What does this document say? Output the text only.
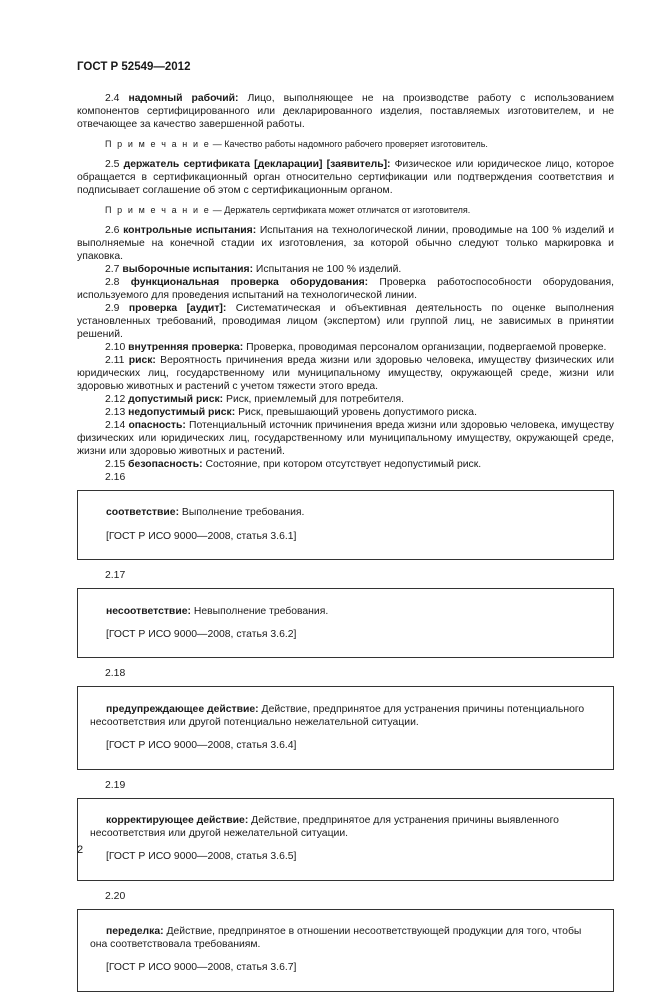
ГОСТ Р 52549—2012

2.4 надомный рабочий: Лицо, выполняющее не на производстве работу с использованием компонентов сертифицированного или декларированного изделия, поставляемых изготовителем, и не отвечающее за качество завершенной работы.

П р и м е ч а н и е — Качество работы надомного рабочего проверяет изготовитель.

2.5 держатель сертификата [декларации] [заявитель]: Физическое или юридическое лицо, которое обращается в сертификационный орган относительно сертификации или подтверждения соответствия и подписывает соглашение об этом с сертификационным органом.

П р и м е ч а н и е — Держатель сертификата может отличатся от изготовителя.

2.6 контрольные испытания: Испытания на технологической линии, проводимые на 100 % изделий и выполняемые на конечной стадии их изготовления, за которой обычно следуют только маркировка и упаковка.

2.7 выборочные испытания: Испытания не 100 % изделий.

2.8 функциональная проверка оборудования: Проверка работоспособности оборудования, используемого для проведения испытаний на технологической линии.

2.9 проверка [аудит]: Систематическая и объективная деятельность по оценке выполнения установленных требований, проводимая лицом (экспертом) или группой лиц, не зависимых в принятии решений.

2.10 внутренняя проверка: Проверка, проводимая персоналом организации, подвергаемой проверке.

2.11 риск: Вероятность причинения вреда жизни или здоровью человека, имуществу физических или юридических лиц, государственному или муниципальному имуществу, окружающей среде, жизни или здоровью животных и растений с учетом тяжести этого вреда.

2.12 допустимый риск: Риск, приемлемый для потребителя.

2.13 недопустимый риск: Риск, превышающий уровень допустимого риска.

2.14 опасность: Потенциальный источник причинения вреда жизни или здоровью человека, имуществу физических или юридических лиц, государственному или муниципальному имуществу, окружающей среде, жизни или здоровью животных и растений.

2.15 безопасность: Состояние, при котором отсутствует недопустимый риск.

2.16

соответствие: Выполнение требования.

[ГОСТ Р ИСО 9000—2008, статья 3.6.1]

2.17

несоответствие: Невыполнение требования.

[ГОСТ Р ИСО 9000—2008, статья 3.6.2]

2.18

предупреждающее действие: Действие, предпринятое для устранения причины потенциального несоответствия или другой потенциально нежелательной ситуации.

[ГОСТ Р ИСО 9000—2008, статья 3.6.4]

2.19

корректирующее действие: Действие, предпринятое для устранения причины выявленного несоответствия или другой нежелательной ситуации.

[ГОСТ Р ИСО 9000—2008, статья 3.6.5]

2.20

переделка: Действие, предпринятое в отношении несоответствующей продукции для того, чтобы она соответствовала требованиям.

[ГОСТ Р ИСО 9000—2008, статья 3.6.7]

2
